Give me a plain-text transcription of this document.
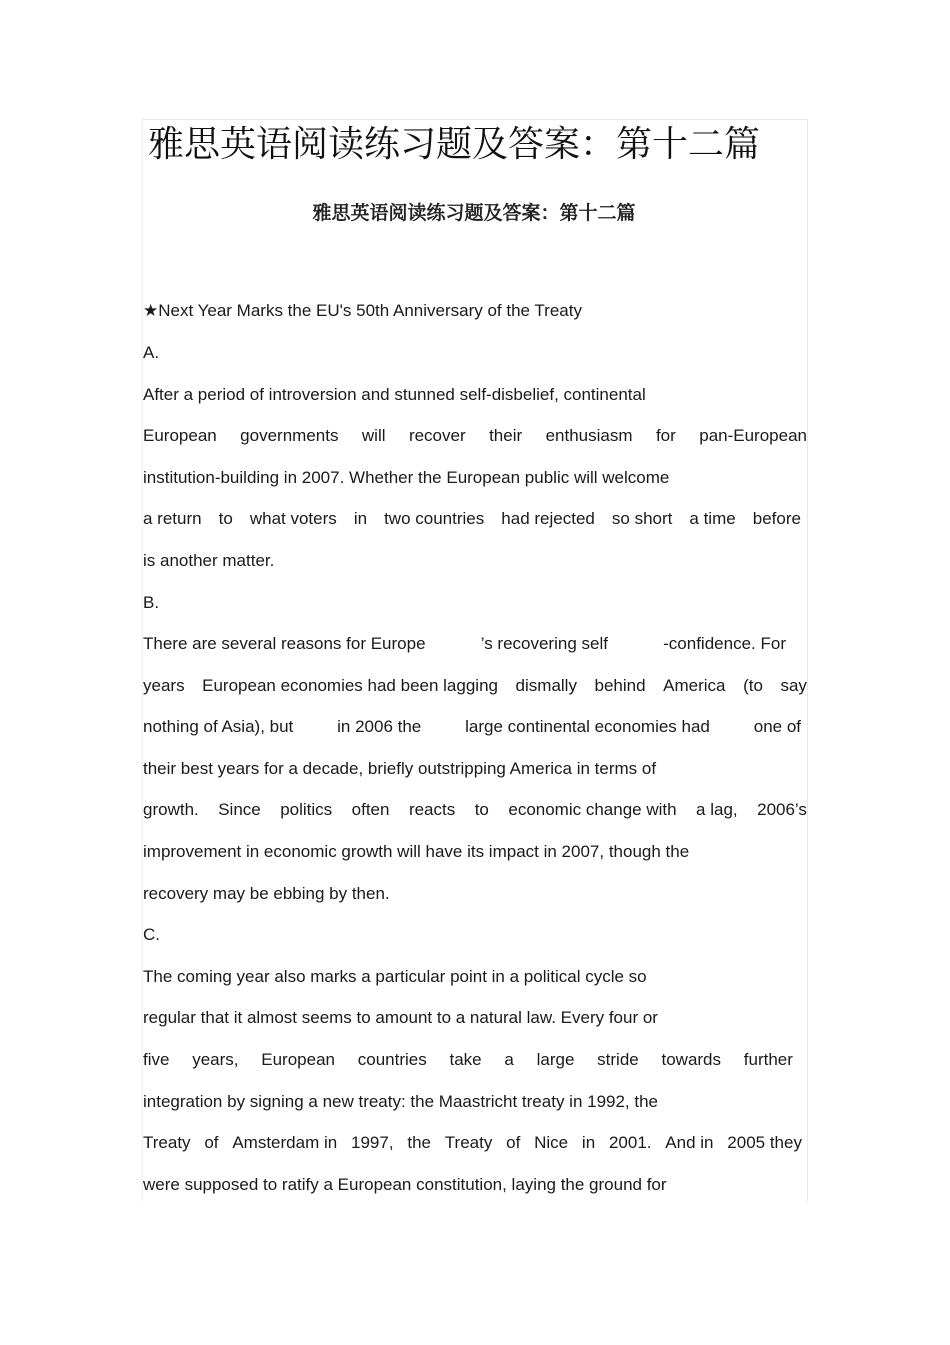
雅思英语阅读练习题及答案：第十二篇
雅思英语阅读练习题及答案：第十二篇
★Next Year Marks the EU's 50th Anniversary of the Treaty
A.
After a period of introversion and stunned self-disbelief, continental
European governments will recover their enthusiasm for pan-European
institution-building in 2007. Whether the European public will welcome
a return to what voters in two countries had rejected so short a time before
is another matter.
B.
There are several reasons for Europe	’s recovering self	-confidence. For
years European economies had been lagging dismally behind America (to say
nothing of Asia), but	in 2006 the	large continental economies had	one of
their best years for a decade, briefly outstripping America in terms of
growth. Since politics often reacts to economic change with a lag, 2006’s
improvement in economic growth will have its impact in 2007, though the
recovery may be ebbing by then.
C.
The coming year also marks a particular point in a political cycle so
regular that it almost seems to amount to a natural law. Every four or
five years, European countries take a large stride towards further
integration by signing a new treaty: the Maastricht treaty in 1992, the
Treaty of Amsterdam in 1997, the Treaty of Nice in 2001. And in 2005 they
were supposed to ratify a European constitution, laying the ground for
